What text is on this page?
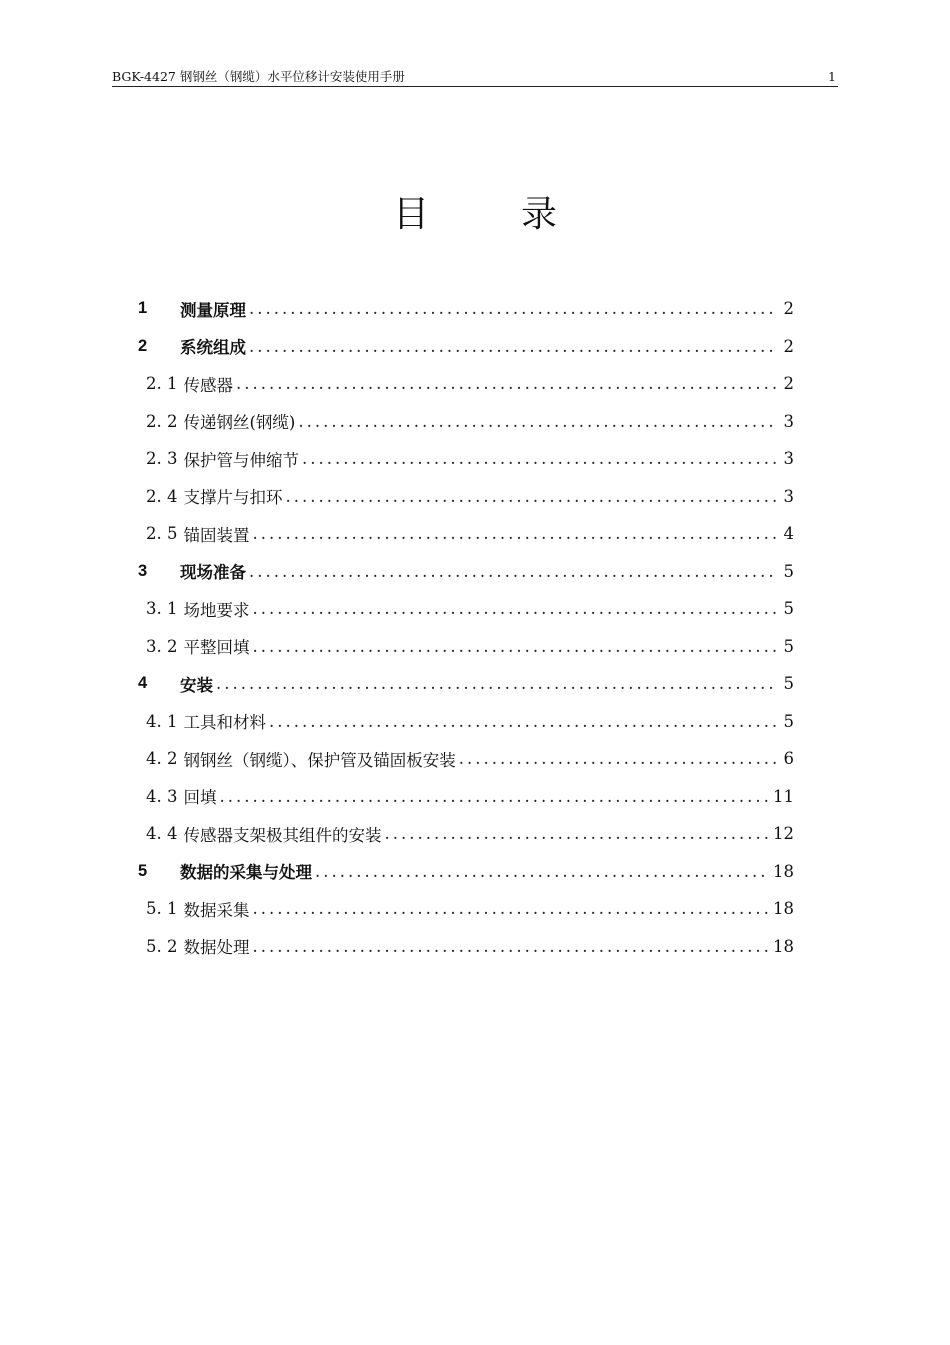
BGK-4427 钢钢丝（钢缆）水平位移计安装使用手册	1
目	录
1	测量原理 .....	2
2	系统组成 .....	2
2. 1 传感器 .....	2
2. 2 传递钢丝(钢缆) .....	3
2. 3 保护管与伸缩节 .....	3
2. 4 支撑片与扣环 .....	3
2. 5 锚固装置 .....	4
3	现场准备 .....	5
3. 1 场地要求 .....	5
3. 2 平整回填 .....	5
4	安装 .....	5
4. 1 工具和材料 .....	5
4. 2 钢钢丝（钢缆）、保护管及锚固板安装 .....	6
4. 3 回填 .....	11
4. 4 传感器支架极其组件的安装 .....	12
5	数据的采集与处理 .....	18
5. 1 数据采集 .....	18
5. 2 数据处理 .....	18
